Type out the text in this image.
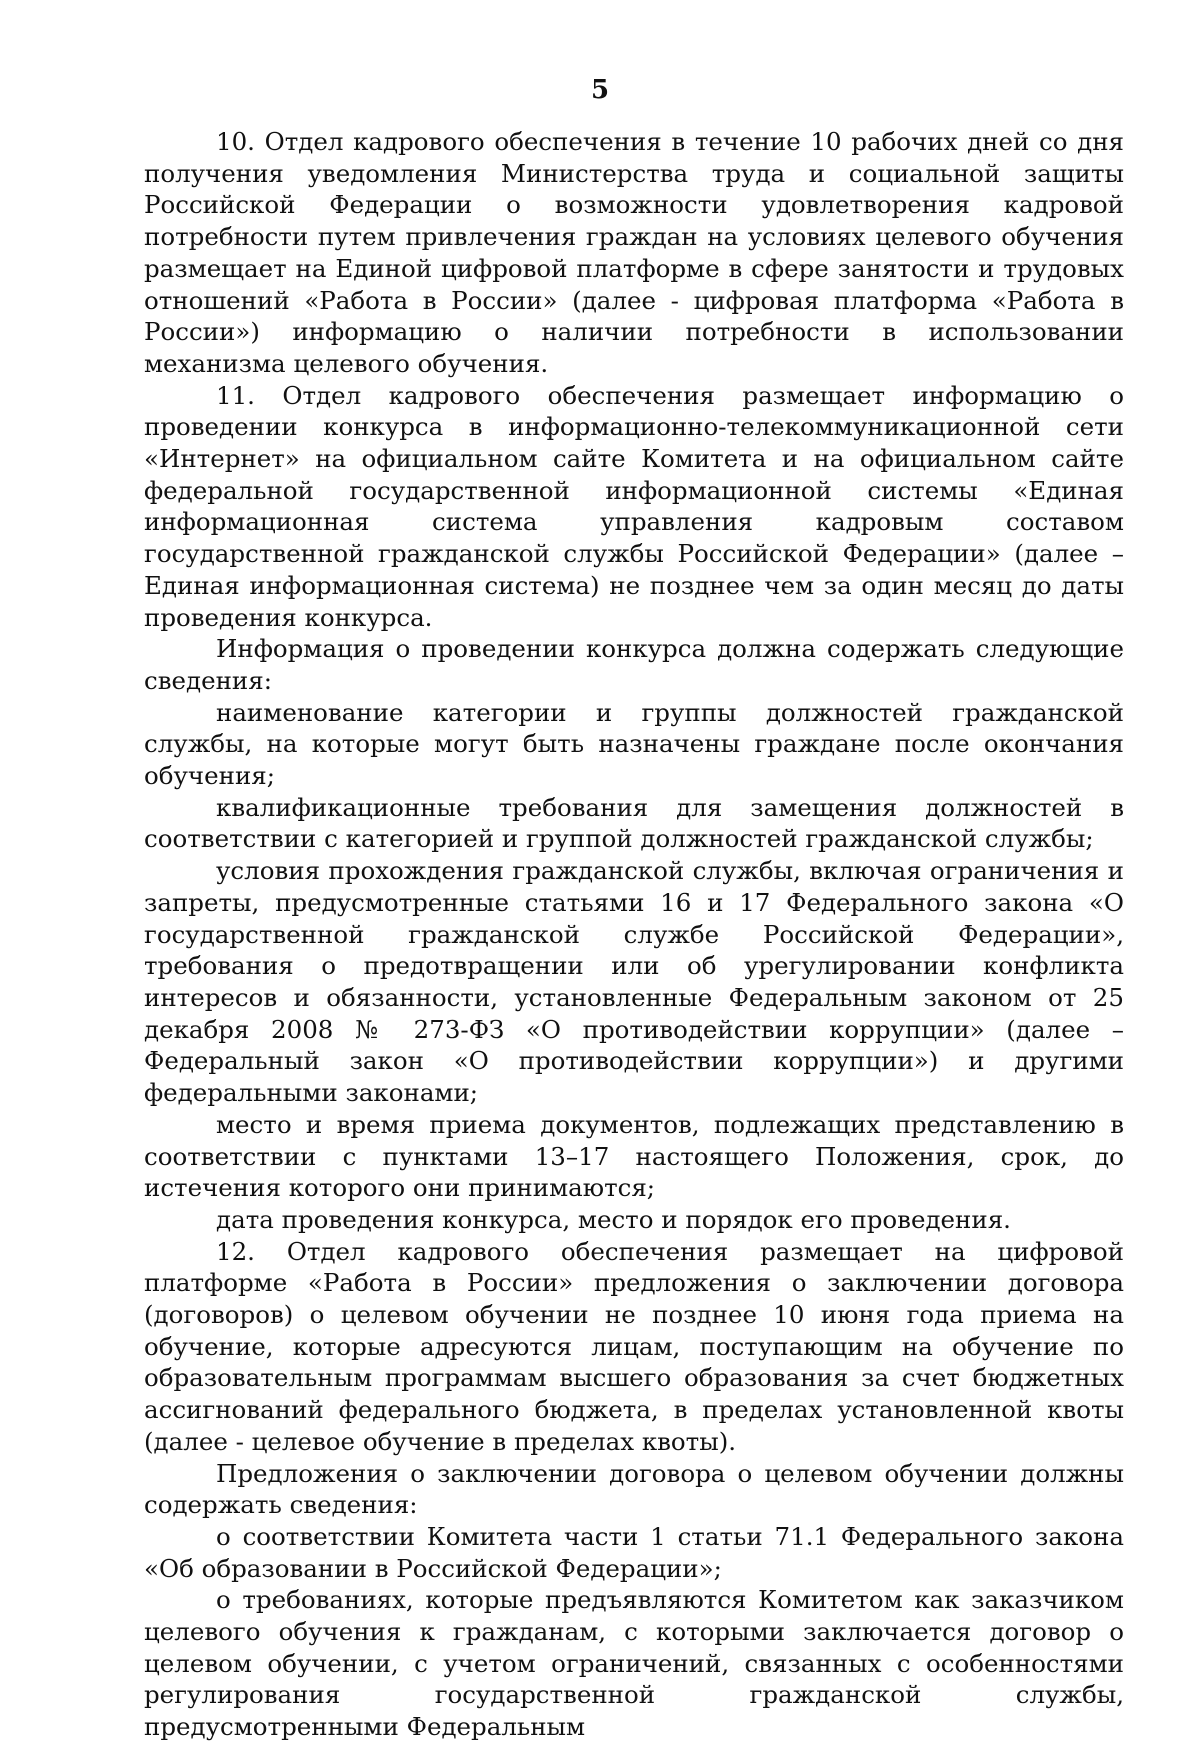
5

10. Отдел кадрового обеспечения в течение 10 рабочих дней со дня получения уведомления Министерства труда и социальной защиты Российской Федерации о возможности удовлетворения кадровой потребности путем привлечения граждан на условиях целевого обучения размещает на Единой цифровой платформе в сфере занятости и трудовых отношений «Работа в России» (далее - цифровая платформа «Работа в России») информацию о наличии потребности в использовании механизма целевого обучения.

11. Отдел кадрового обеспечения размещает информацию о проведении конкурса в информационно-телекоммуникационной сети «Интернет» на официальном сайте Комитета и на официальном сайте федеральной государственной информационной системы «Единая информационная система управления кадровым составом государственной гражданской службы Российской Федерации» (далее – Единая информационная система) не позднее чем за один месяц до даты проведения конкурса.

Информация о проведении конкурса должна содержать следующие сведения:

наименование категории и группы должностей гражданской службы, на которые могут быть назначены граждане после окончания обучения;

квалификационные требования для замещения должностей в соответствии с категорией и группой должностей гражданской службы;

условия прохождения гражданской службы, включая ограничения и запреты, предусмотренные статьями 16 и 17 Федерального закона «О государственной гражданской службе Российской Федерации», требования о предотвращении или об урегулировании конфликта интересов и обязанности, установленные Федеральным законом от 25 декабря 2008 № 273-ФЗ «О противодействии коррупции» (далее – Федеральный закон «О противодействии коррупции») и другими федеральными законами;

место и время приема документов, подлежащих представлению в соответствии с пунктами 13–17 настоящего Положения, срок, до истечения которого они принимаются;

дата проведения конкурса, место и порядок его проведения.

12. Отдел кадрового обеспечения размещает на цифровой платформе «Работа в России» предложения о заключении договора (договоров) о целевом обучении не позднее 10 июня года приема на обучение, которые адресуются лицам, поступающим на обучение по образовательным программам высшего образования за счет бюджетных ассигнований федерального бюджета, в пределах установленной квоты (далее - целевое обучение в пределах квоты).

Предложения о заключении договора о целевом обучении должны содержать сведения:

о соответствии Комитета части 1 статьи 71.1 Федерального закона «Об образовании в Российской Федерации»;

о требованиях, которые предъявляются Комитетом как заказчиком целевого обучения к гражданам, с которыми заключается договор о целевом обучении, с учетом ограничений, связанных с особенностями регулирования государственной гражданской службы, предусмотренными Федеральным
